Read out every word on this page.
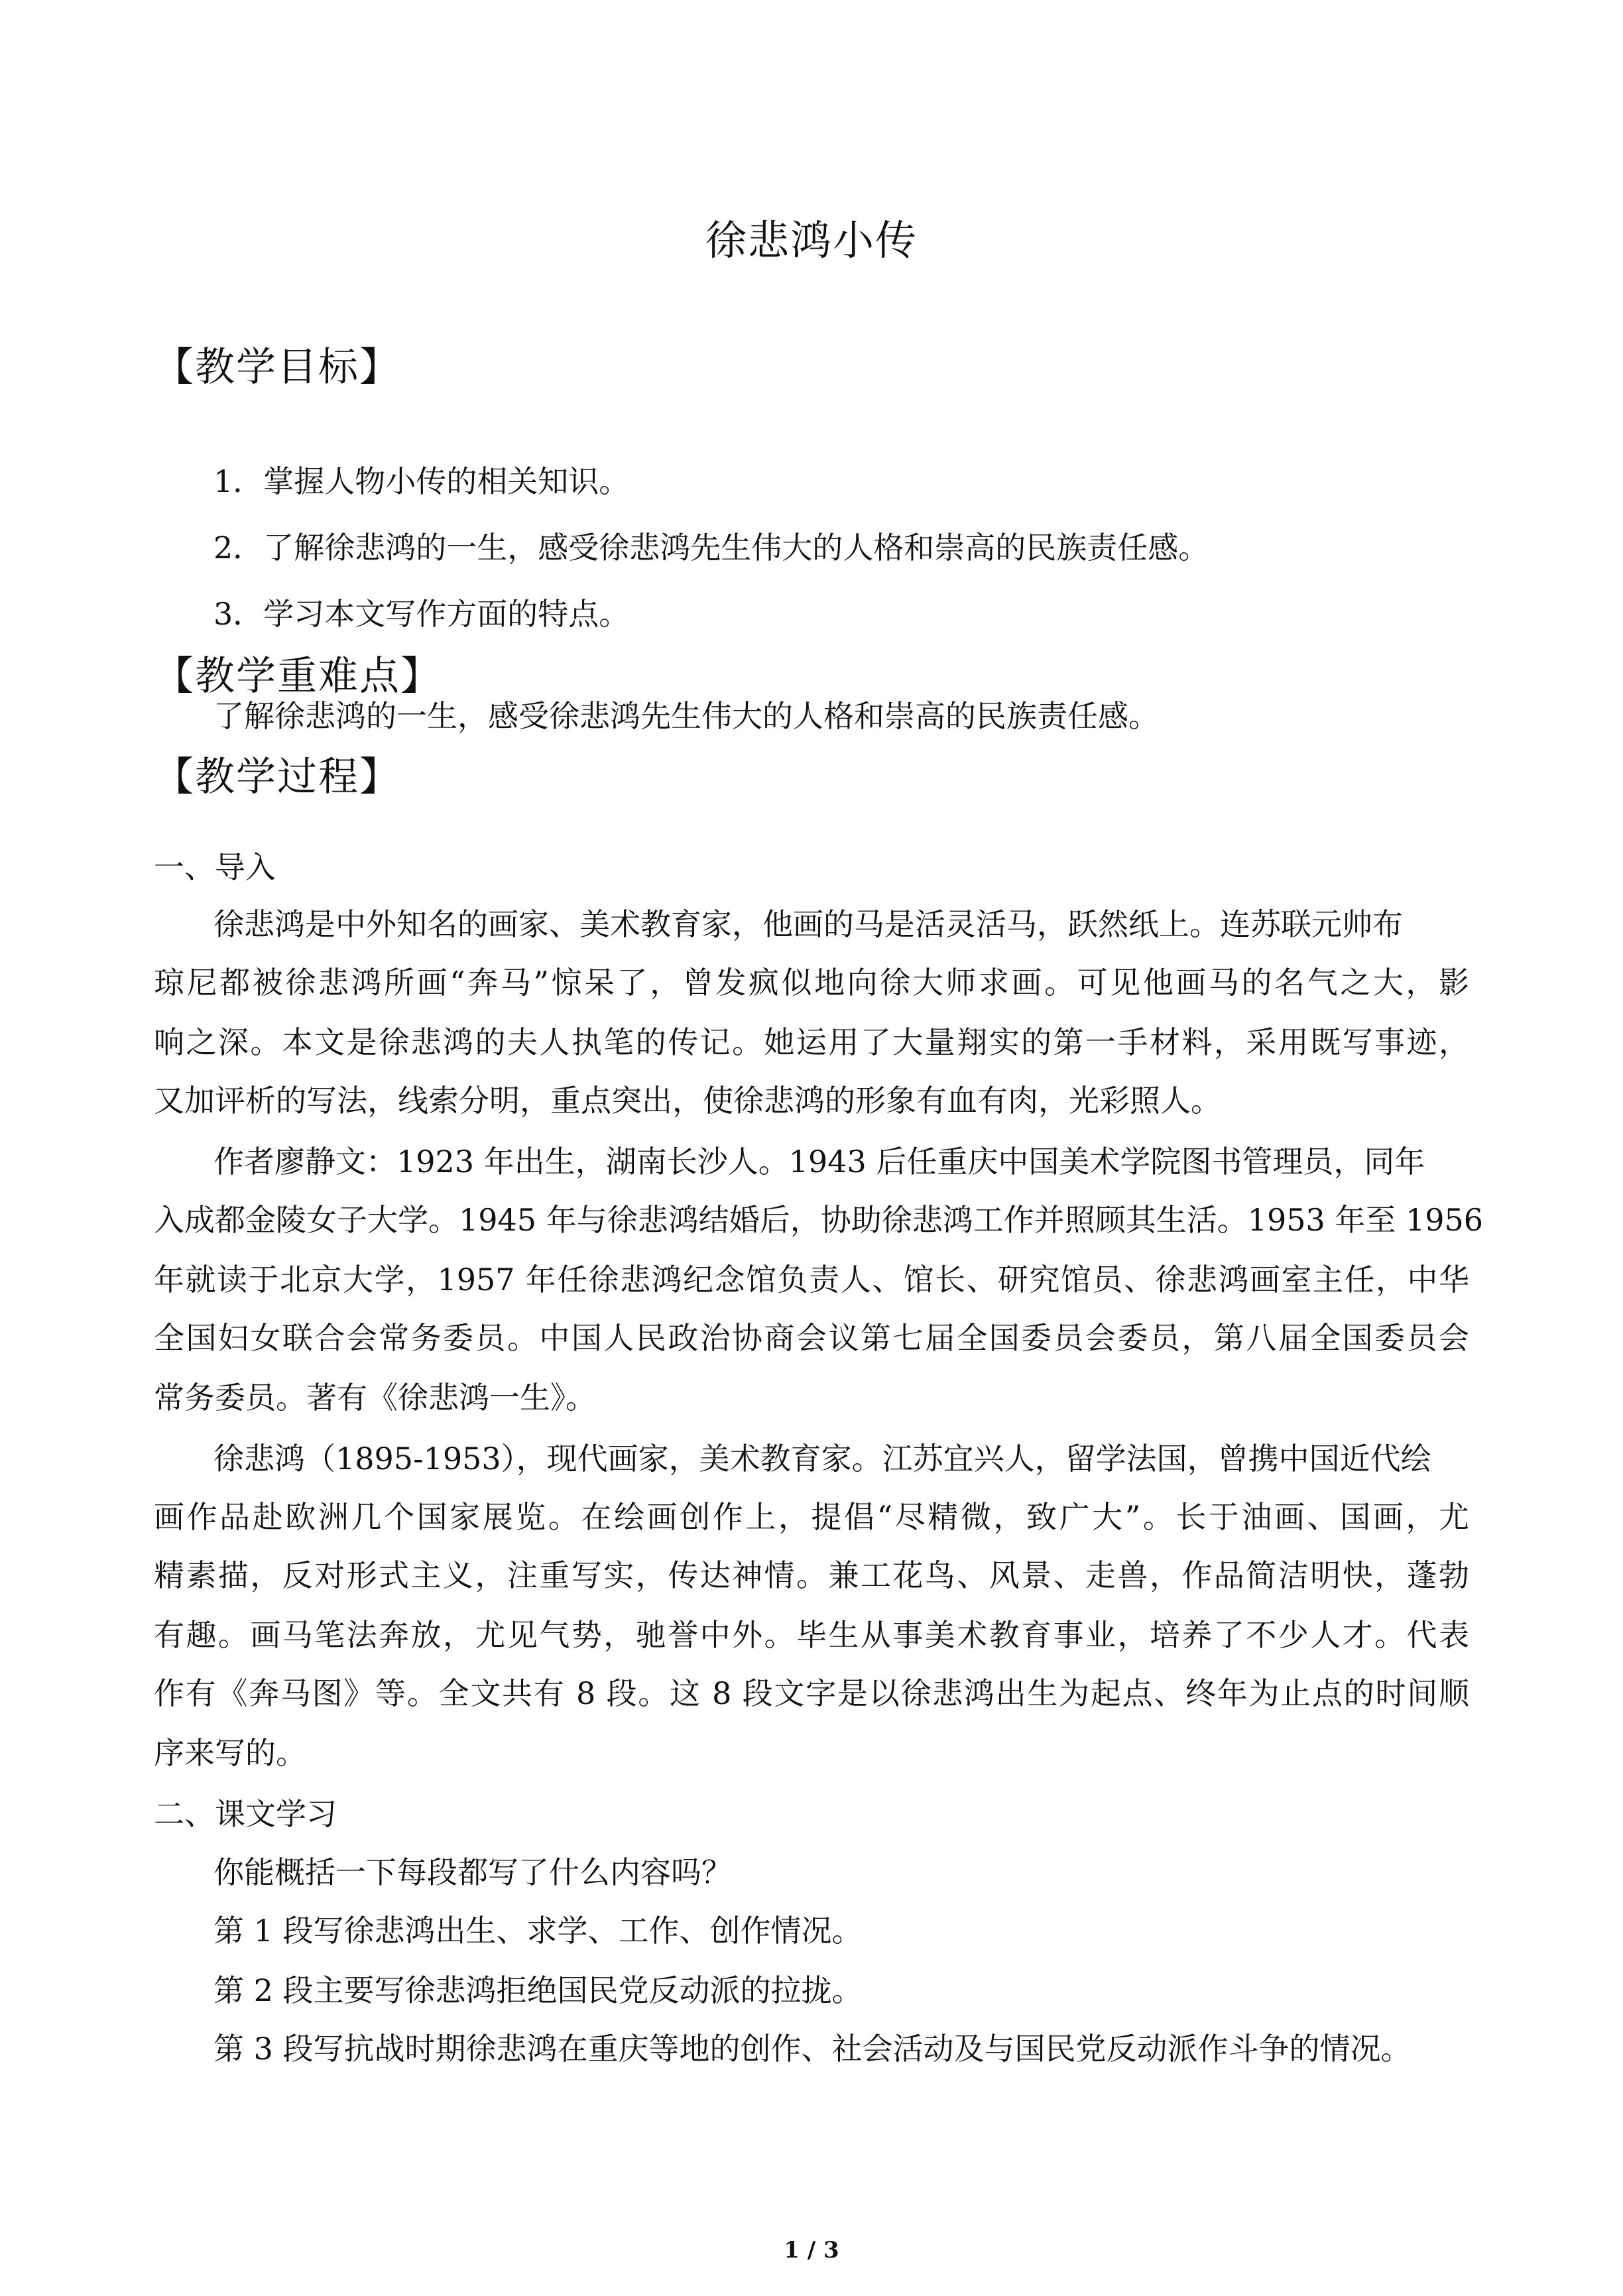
徐悲鸿小传
【教学目标】
1．掌握人物小传的相关知识。
2．了解徐悲鸿的一生，感受徐悲鸿先生伟大的人格和崇高的民族责任感。
3．学习本文写作方面的特点。
【教学重难点】
了解徐悲鸿的一生，感受徐悲鸿先生伟大的人格和崇高的民族责任感。
【教学过程】
一、导入
徐悲鸿是中外知名的画家、美术教育家，他画的马是活灵活马，跃然纸上。连苏联元帅布
琼尼都被徐悲鸿所画“奔马”惊呆了，曾发疯似地向徐大师求画。可见他画马的名气之大，影
响之深。本文是徐悲鸿的夫人执笔的传记。她运用了大量翔实的第一手材料，采用既写事迹，
又加评析的写法，线索分明，重点突出，使徐悲鸿的形象有血有肉，光彩照人。
作者廖静文：1923 年出生，湖南长沙人。1943 后任重庆中国美术学院图书管理员，同年
入成都金陵女子大学。1945 年与徐悲鸿结婚后，协助徐悲鸿工作并照顾其生活。1953 年至 1956
年就读于北京大学，1957 年任徐悲鸿纪念馆负责人、馆长、研究馆员、徐悲鸿画室主任，中华
全国妇女联合会常务委员。中国人民政治协商会议第七届全国委员会委员，第八届全国委员会
常务委员。著有《徐悲鸿一生》。
徐悲鸿（1895-1953），现代画家，美术教育家。江苏宜兴人，留学法国，曾携中国近代绘
画作品赴欧洲几个国家展览。在绘画创作上，提倡“尽精微，致广大”。长于油画、国画，尤
精素描，反对形式主义，注重写实，传达神情。兼工花鸟、风景、走兽，作品简洁明快，蓬勃
有趣。画马笔法奔放，尤见气势，驰誉中外。毕生从事美术教育事业，培养了不少人才。代表
作有《奔马图》等。全文共有 8 段。这 8 段文字是以徐悲鸿出生为起点、终年为止点的时间顺
序来写的。
二、课文学习
你能概括一下每段都写了什么内容吗？
第 1 段写徐悲鸿出生、求学、工作、创作情况。
第 2 段主要写徐悲鸿拒绝国民党反动派的拉拢。
第 3 段写抗战时期徐悲鸿在重庆等地的创作、社会活动及与国民党反动派作斗争的情况。
1 / 3
